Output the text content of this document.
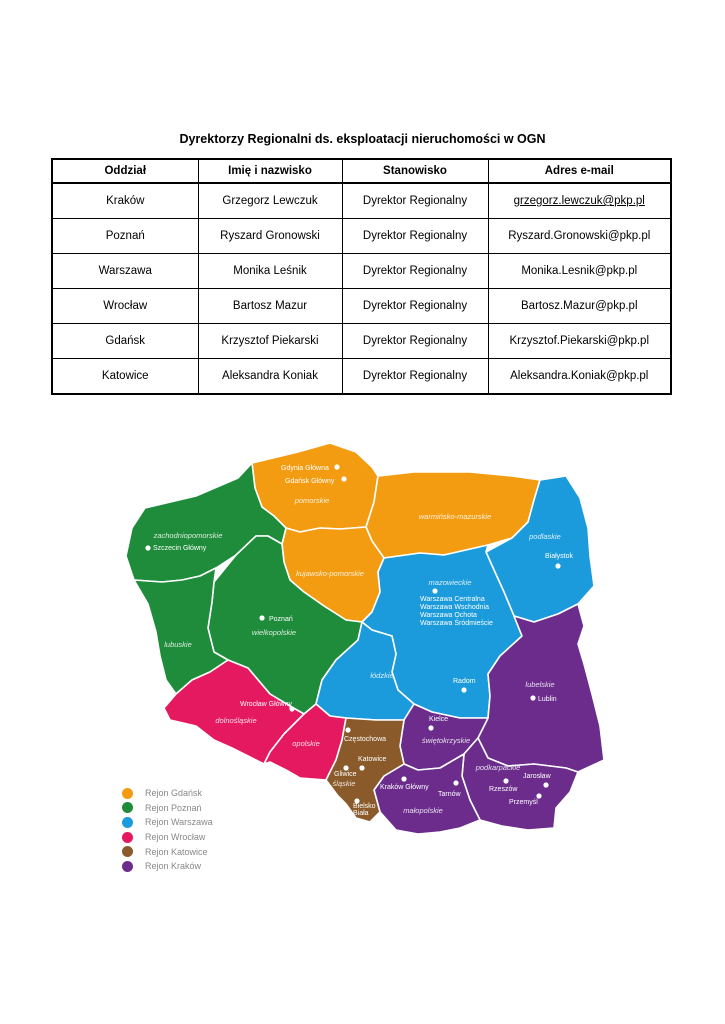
Dyrektorzy Regionalni ds. eksploatacji nieruchomości w OGN
Oddział	Imię i nazwisko	Stanowisko	Adres e-mail
Kraków	Grzegorz Lewczuk	Dyrektor Regionalny	grzegorz.lewczuk@pkp.pl
Poznań	Ryszard Gronowski	Dyrektor Regionalny	Ryszard.Gronowski@pkp.pl
Warszawa	Monika Leśnik	Dyrektor Regionalny	Monika.Lesnik@pkp.pl
Wrocław	Bartosz Mazur	Dyrektor Regionalny	Bartosz.Mazur@pkp.pl
Gdańsk	Krzysztof Piekarski	Dyrektor Regionalny	Krzysztof.Piekarski@pkp.pl
Katowice	Aleksandra Koniak	Dyrektor Regionalny	Aleksandra.Koniak@pkp.pl
pomorskie
warmińsko-mazurskie
zachodniopomorskie	podlaskie
kujawsko-pomorskie
mazowieckie
wielkopolskie
lubuskie
łódzkie
lubelskie
dolnośląskie
opolskie	świętokrzyskie
podkarpackie
śląskie
małopolskie
Gdynia Główna
Gdańsk Główny
Szczecin Główny
Białystok
Warszawa Centralna
Warszawa Wschodnia
Warszawa Ochota
Warszawa Śródmieście
Poznań
Radom
Lublin
Wrocław Główny
Częstochowa
Kielce
Katowice
Gliwice
Bielsko Biała
Kraków Główny
Tarnów
Rzeszów
Jarosław
Przemyśl
Rejon Gdańsk
Rejon Poznań
Rejon Warszawa
Rejon Wrocław
Rejon Katowice
Rejon Kraków
